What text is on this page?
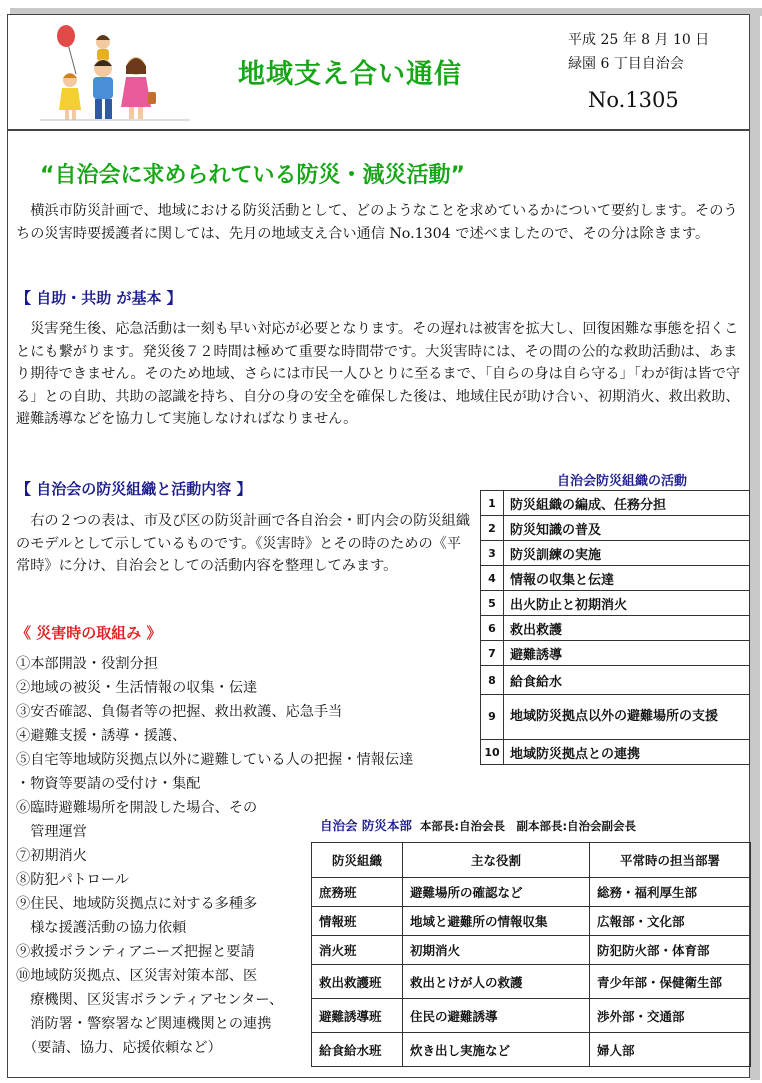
地域支え合い通信
平成 25 年 8 月 10 日
緑園 6 丁目自治会
No.1305
“自治会に求められている防災・減災活動”

横浜市防災計画で、地域における防災活動として、どのようなことを求めているかについて要約します。そのうちの災害時要援護者に関しては、先月の地域支え合い通信 No.1304 で述べましたので、その分は除きます。

【 自助・共助 が基本 】

災害発生後、応急活動は一刻も早い対応が必要となります。その遅れは被害を拡大し、回復困難な事態を招くことにも繋がります。発災後７２時間は極めて重要な時間帯です。大災害時には、その間の公的な救助活動は、あまり期待できません。そのため地域、さらには市民一人ひとりに至るまで、「自らの身は自ら守る」「わが街は皆で守る」との自助、共助の認識を持ち、自分の身の安全を確保した後は、地域住民が助け合い、初期消火、救出救助、避難誘導などを協力して実施しなければなりません。

【 自治会の防災組織と活動内容 】

右の２つの表は、市及び区の防災計画で各自治会・町内会の防災組織のモデルとして示しているものです。《災害時》とその時のための《平常時》に分け、自治会としての活動内容を整理してみます。

《 災害時の取組み 》
①本部開設・役割分担
②地域の被災・生活情報の収集・伝達
③安否確認、負傷者等の把握、救出救護、応急手当
④避難支援・誘導・援護、
⑤自宅等地域防災拠点以外に避難している人の把握・情報伝達
・物資等要請の受付け・集配
⑥臨時避難場所を開設した場合、その
　管理運営
⑦初期消火
⑧防犯パトロール
⑨住民、地域防災拠点に対する多種多
　様な援護活動の協力依頼
⑨救援ボランティアニーズ把握と要請
⑩地域防災拠点、区災害対策本部、医
　療機関、区災害ボランティアセンター、
　消防署・警察署など関連機関との連携
　（要請、協力、応援依頼など）
自治会防災組織の活動
1	防災組織の編成、任務分担
2	防災知識の普及
3	防災訓練の実施
4	情報の収集と伝達
5	出火防止と初期消火
6	救出救護
7	避難誘導
8	給食給水
9	地域防災拠点以外の避難場所の支援
10	地域防災拠点との連携
自治会 防災本部 本部長:自治会長　副本部長:自治会副会長
防災組織	主な役割	平常時の担当部署
庶務班	避難場所の確認など	総務・福利厚生部
情報班	地域と避難所の情報収集	広報部・文化部
消火班	初期消火	防犯防火部・体育部
救出救護班	救出とけが人の救護	青少年部・保健衛生部
避難誘導班	住民の避難誘導	渉外部・交通部
給食給水班	炊き出し実施など	婦人部
